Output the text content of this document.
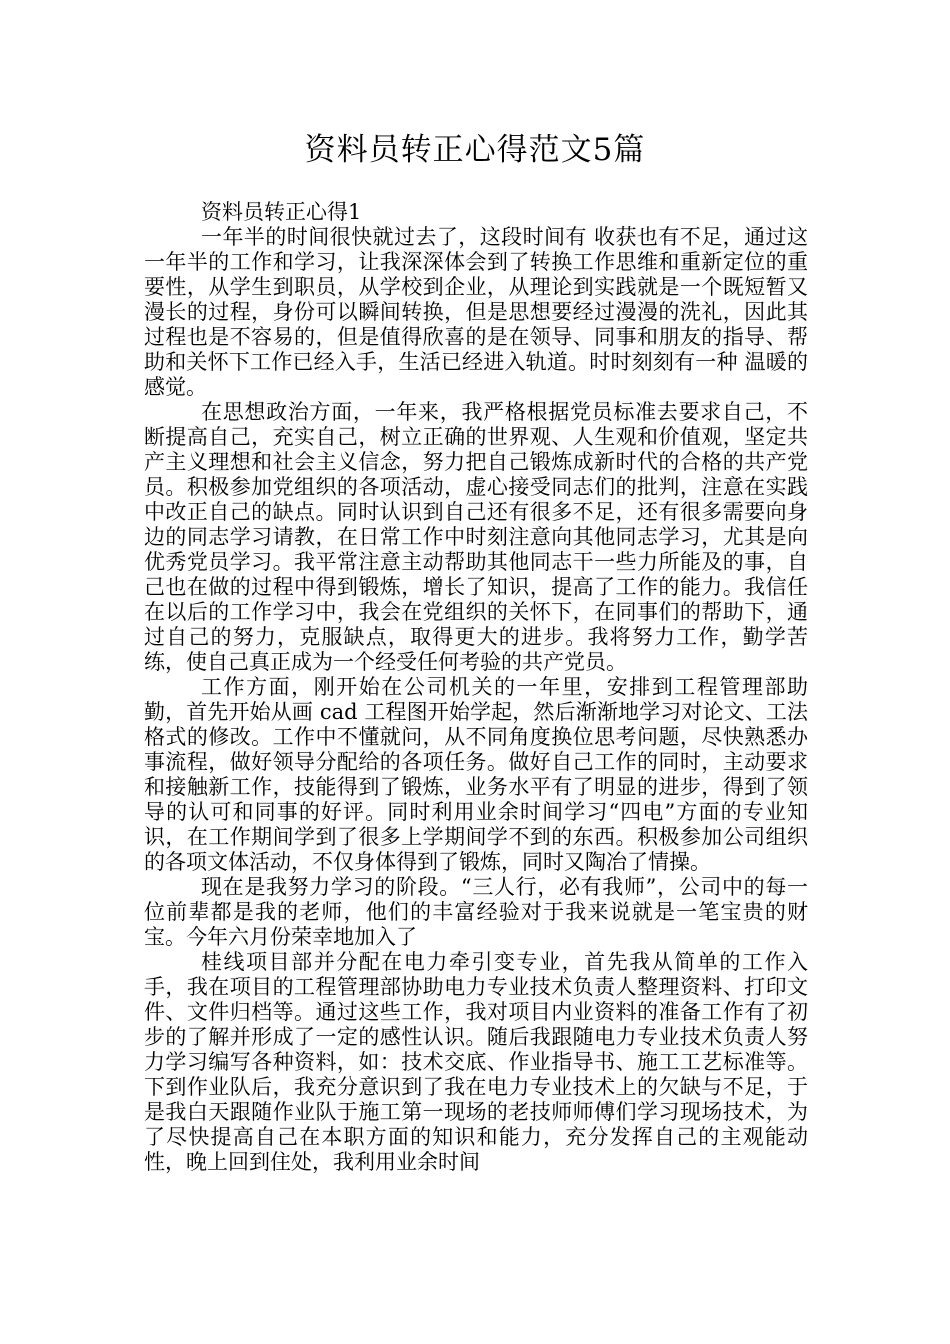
资料员转正心得范文5篇

资料员转正心得1

一年半的时间很快就过去了，这段时间有 收获也有不足，通过这一年半的工作和学习，让我深深体会到了转换工作思维和重新定位的重要性，从学生到职员，从学校到企业，从理论到实践就是一个既短暂又漫长的过程，身份可以瞬间转换，但是思想要经过漫漫的洗礼，因此其过程也是不容易的，但是值得欣喜的是在领导、同事和朋友的指导、帮助和关怀下工作已经入手，生活已经进入轨道。时时刻刻有一种 温暖的感觉。

在思想政治方面，一年来，我严格根据党员标准去要求自己，不断提高自己，充实自己，树立正确的世界观、人生观和价值观，坚定共产主义理想和社会主义信念，努力把自己锻炼成新时代的合格的共产党员。积极参加党组织的各项活动，虚心接受同志们的批判，注意在实践中改正自己的缺点。同时认识到自己还有很多不足，还有很多需要向身边的同志学习请教，在日常工作中时刻注意向其他同志学习，尤其是向优秀党员学习。我平常注意主动帮助其他同志干一些力所能及的事，自己也在做的过程中得到锻炼，增长了知识，提高了工作的能力。我信任在以后的工作学习中，我会在党组织的关怀下，在同事们的帮助下，通过自己的努力，克服缺点，取得更大的进步。我将努力工作，勤学苦练，使自己真正成为一个经受任何考验的共产党员。

工作方面，刚开始在公司机关的一年里，安排到工程管理部助勤，首先开始从画 cad 工程图开始学起，然后渐渐地学习对论文、工法格式的修改。工作中不懂就问，从不同角度换位思考问题，尽快熟悉办事流程，做好领导分配给的各项任务。做好自己工作的同时，主动要求和接触新工作，技能得到了锻炼，业务水平有了明显的进步，得到了领导的认可和同事的好评。同时利用业余时间学习“四电”方面的专业知识，在工作期间学到了很多上学期间学不到的东西。积极参加公司组织的各项文体活动，不仅身体得到了锻炼，同时又陶冶了情操。

现在是我努力学习的阶段。“三人行，必有我师”，公司中的每一位前辈都是我的老师，他们的丰富经验对于我来说就是一笔宝贵的财宝。今年六月份荣幸地加入了

桂线项目部并分配在电力牵引变专业，首先我从简单的工作入手，我在项目的工程管理部协助电力专业技术负责人整理资料、打印文件、文件归档等。通过这些工作，我对项目内业资料的准备工作有了初步的了解并形成了一定的感性认识。随后我跟随电力专业技术负责人努力学习编写各种资料，如：技术交底、作业指导书、施工工艺标准等。下到作业队后，我充分意识到了我在电力专业技术上的欠缺与不足，于是我白天跟随作业队于施工第一现场的老技师师傅们学习现场技术，为了尽快提高自己在本职方面的知识和能力，充分发挥自己的主观能动性，晚上回到住处，我利用业余时间
